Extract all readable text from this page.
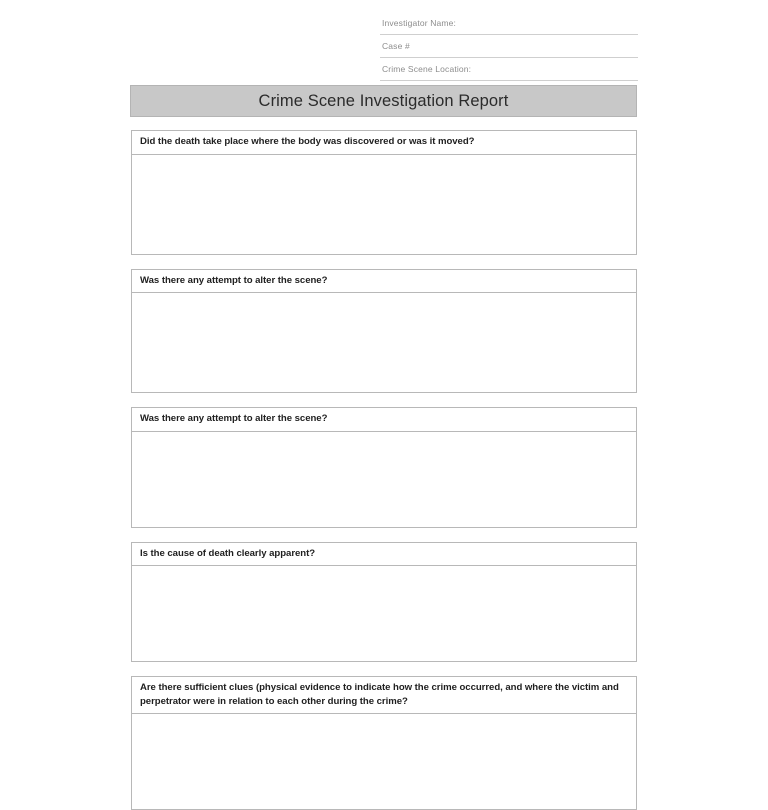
Investigator Name:
Case #
Crime Scene Location:
Crime Scene Investigation Report
Did the death take place where the body was discovered or was it moved?
Was there any attempt to alter the scene?
Was there any attempt to alter the scene?
Is the cause of death clearly apparent?
Are there sufficient clues (physical evidence to indicate how the crime occurred, and where the victim and perpetrator were in relation to each other during the crime?
